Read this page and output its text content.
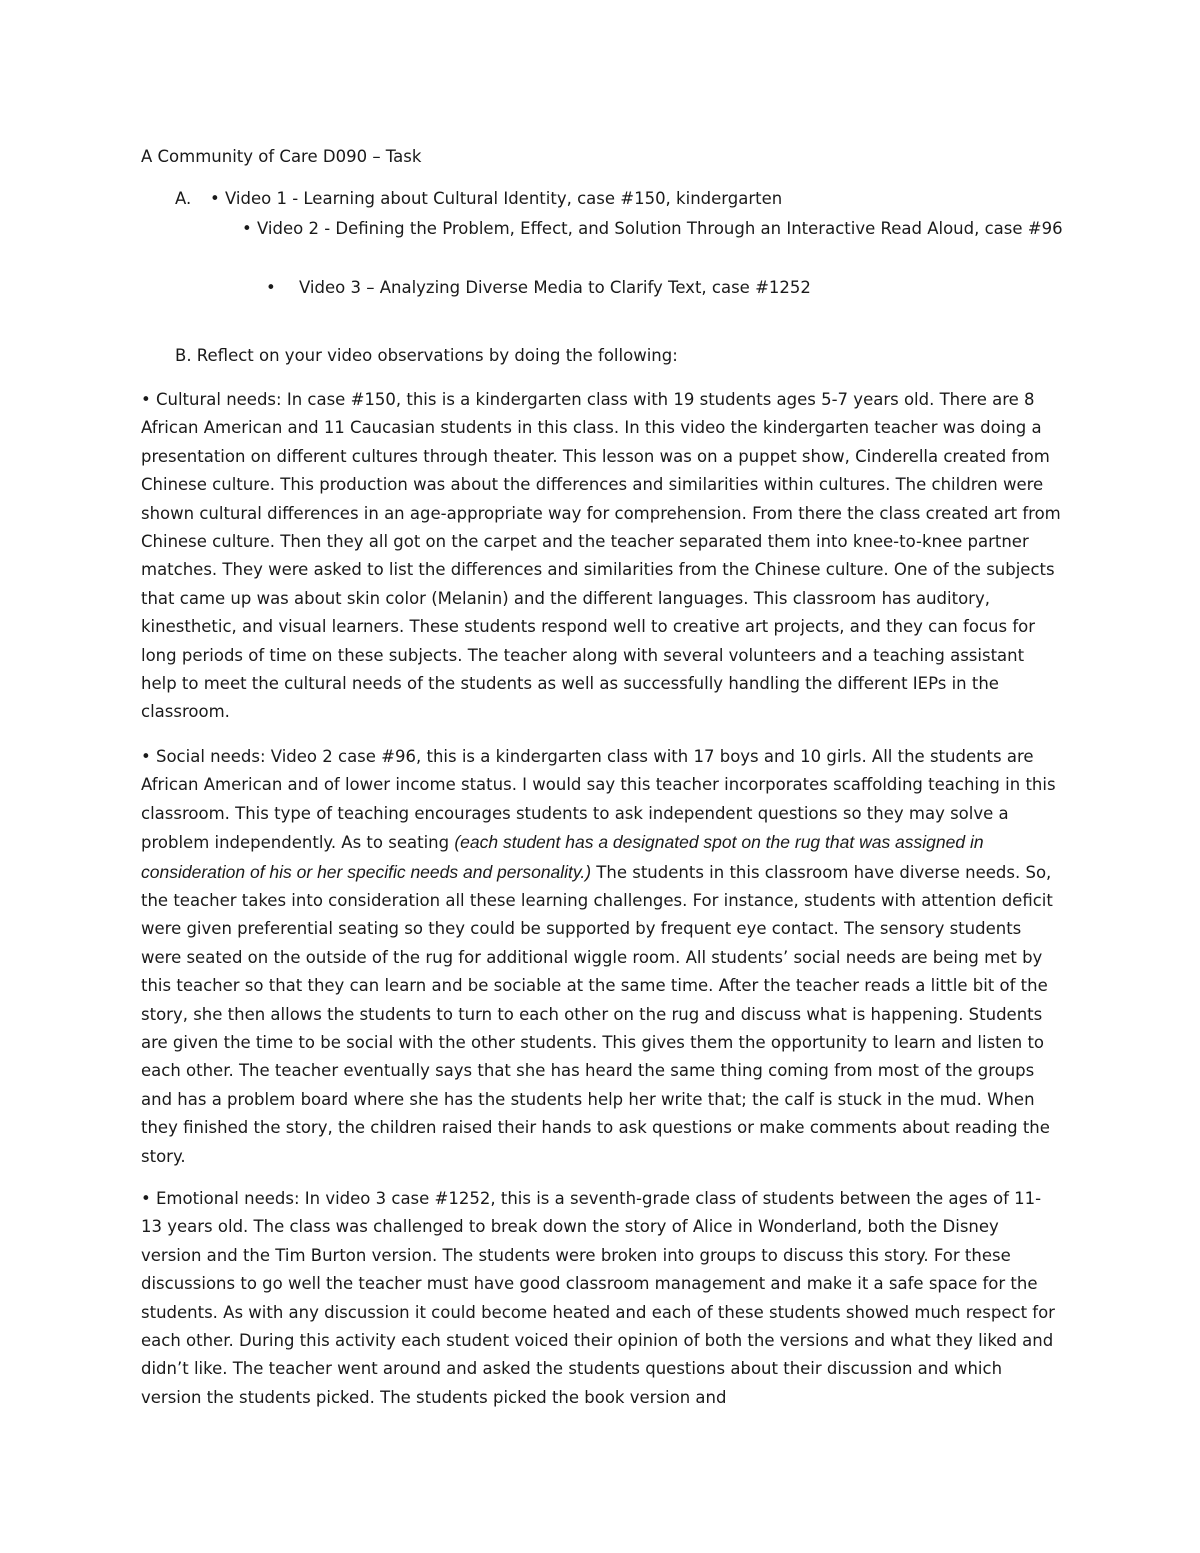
A Community of Care D090 – Task
A. • Video 1 - Learning about Cultural Identity, case #150, kindergarten
• Video 2 - Defining the Problem, Effect, and Solution Through an Interactive Read Aloud, case #96
• Video 3 – Analyzing Diverse Media to Clarify Text, case #1252
B. Reflect on your video observations by doing the following:

• Cultural needs: In case #150, this is a kindergarten class with 19 students ages 5-7 years old. There are 8 African American and 11 Caucasian students in this class. In this video the kindergarten teacher was doing a presentation on different cultures through theater. This lesson was on a puppet show, Cinderella created from Chinese culture. This production was about the differences and similarities within cultures. The children were shown cultural differences in an age-appropriate way for comprehension. From there the class created art from Chinese culture. Then they all got on the carpet and the teacher separated them into knee-to-knee partner matches. They were asked to list the differences and similarities from the Chinese culture. One of the subjects that came up was about skin color (Melanin) and the different languages. This classroom has auditory, kinesthetic, and visual learners. These students respond well to creative art projects, and they can focus for long periods of time on these subjects. The teacher along with several volunteers and a teaching assistant help to meet the cultural needs of the students as well as successfully handling the different IEPs in the classroom.

• Social needs: Video 2 case #96, this is a kindergarten class with 17 boys and 10 girls. All the students are African American and of lower income status. I would say this teacher incorporates scaffolding teaching in this classroom. This type of teaching encourages students to ask independent questions so they may solve a problem independently. As to seating (each student has a designated spot on the rug that was assigned in consideration of his or her specific needs and personality.) The students in this classroom have diverse needs. So, the teacher takes into consideration all these learning challenges. For instance, students with attention deficit were given preferential seating so they could be supported by frequent eye contact. The sensory students were seated on the outside of the rug for additional wiggle room. All students’ social needs are being met by this teacher so that they can learn and be sociable at the same time. After the teacher reads a little bit of the story, she then allows the students to turn to each other on the rug and discuss what is happening. Students are given the time to be social with the other students. This gives them the opportunity to learn and listen to each other. The teacher eventually says that she has heard the same thing coming from most of the groups and has a problem board where she has the students help her write that; the calf is stuck in the mud. When they finished the story, the children raised their hands to ask questions or make comments about reading the story.

• Emotional needs: In video 3 case #1252, this is a seventh-grade class of students between the ages of 11-13 years old. The class was challenged to break down the story of Alice in Wonderland, both the Disney version and the Tim Burton version. The students were broken into groups to discuss this story. For these discussions to go well the teacher must have good classroom management and make it a safe space for the students. As with any discussion it could become heated and each of these students showed much respect for each other. During this activity each student voiced their opinion of both the versions and what they liked and didn’t like. The teacher went around and asked the students questions about their discussion and which version the students picked. The students picked the book version and
